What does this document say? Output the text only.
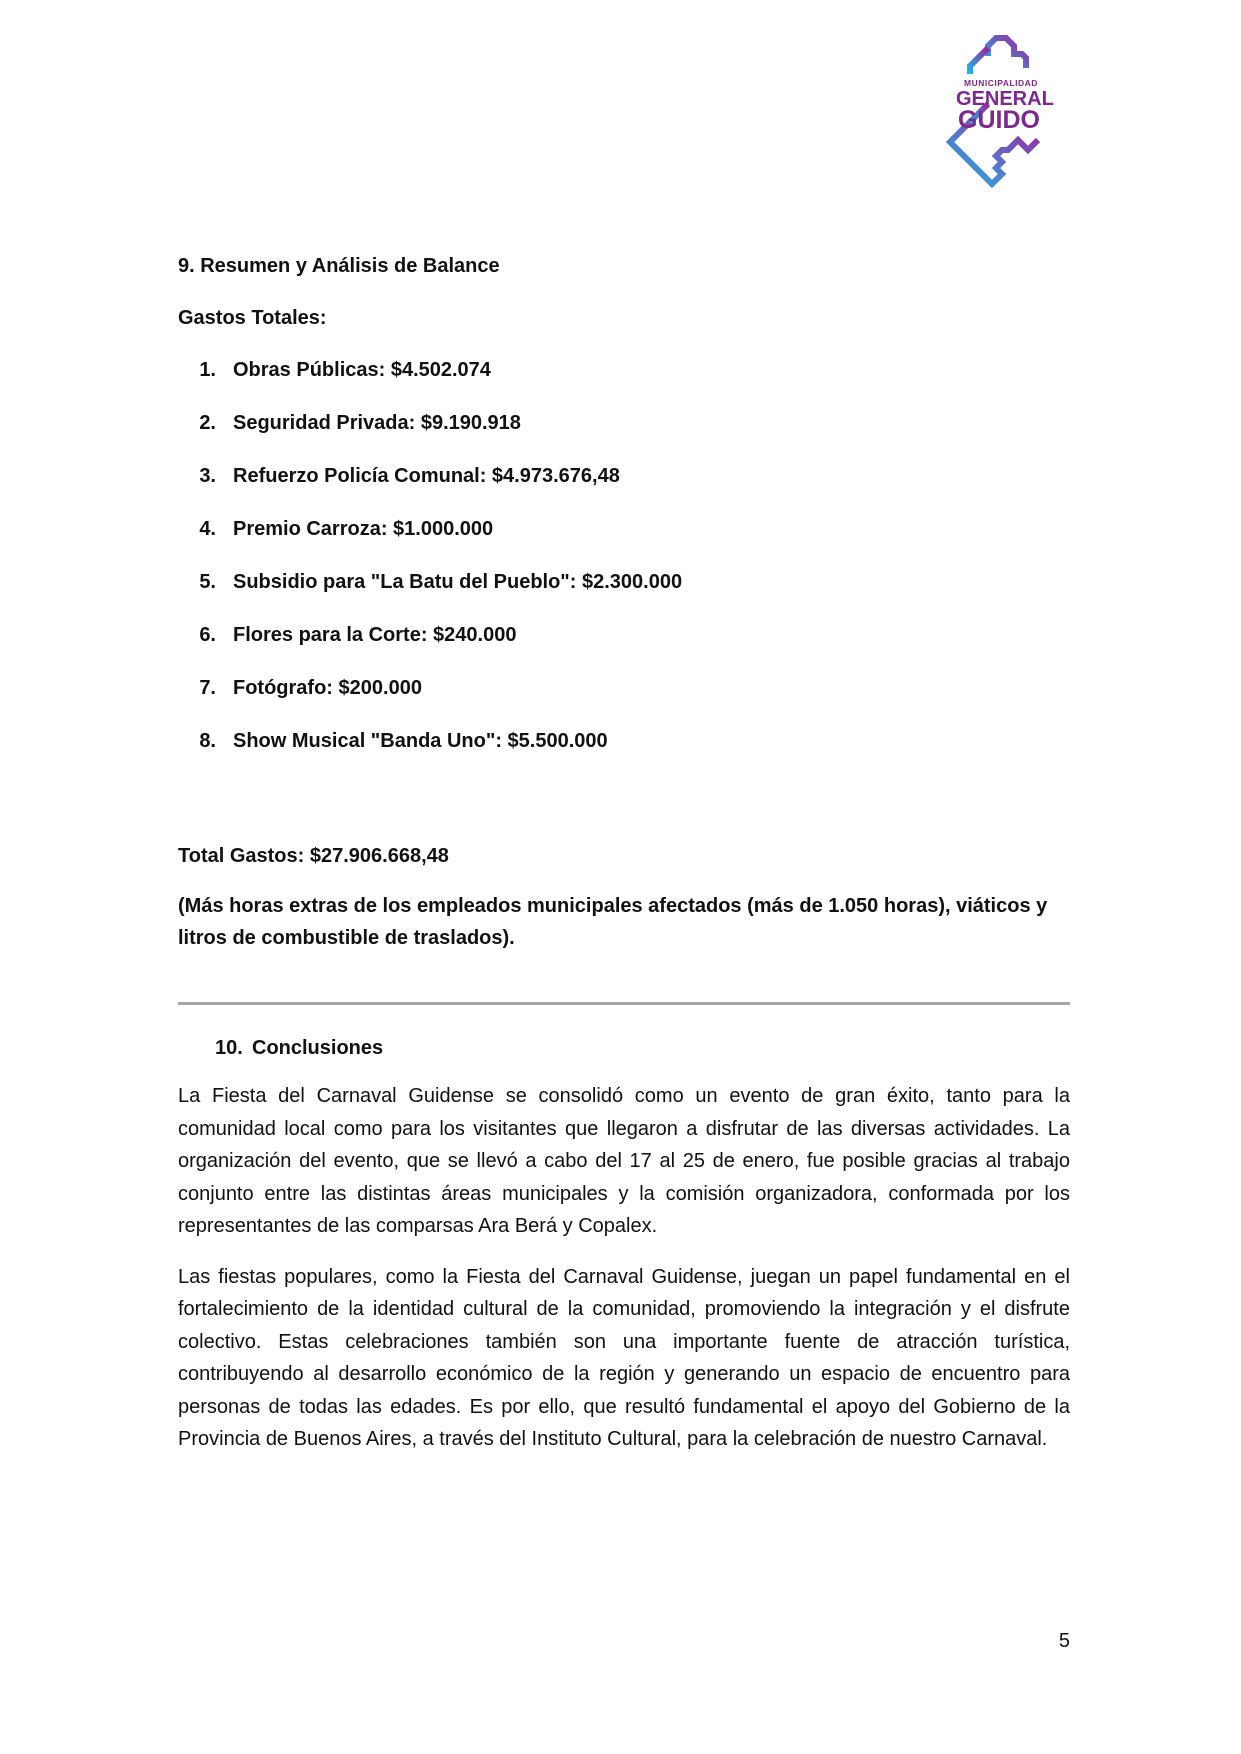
MUNICIPALIDAD
GENERAL
GUIDO

9. Resumen y Análisis de Balance

Gastos Totales:

1. Obras Públicas: $4.502.074
2. Seguridad Privada: $9.190.918
3. Refuerzo Policía Comunal: $4.973.676,48
4. Premio Carroza: $1.000.000
5. Subsidio para "La Batu del Pueblo": $2.300.000
6. Flores para la Corte: $240.000
7. Fotógrafo: $200.000
8. Show Musical "Banda Uno": $5.500.000

Total Gastos: $27.906.668,48

(Más horas extras de los empleados municipales afectados (más de 1.050 horas), viáticos y litros de combustible de traslados).

10. Conclusiones

La Fiesta del Carnaval Guidense se consolidó como un evento de gran éxito, tanto para la comunidad local como para los visitantes que llegaron a disfrutar de las diversas actividades. La organización del evento, que se llevó a cabo del 17 al 25 de enero, fue posible gracias al trabajo conjunto entre las distintas áreas municipales y la comisión organizadora, conformada por los representantes de las comparsas Ara Berá y Copalex.

Las fiestas populares, como la Fiesta del Carnaval Guidense, juegan un papel fundamental en el fortalecimiento de la identidad cultural de la comunidad, promoviendo la integración y el disfrute colectivo. Estas celebraciones también son una importante fuente de atracción turística, contribuyendo al desarrollo económico de la región y generando un espacio de encuentro para personas de todas las edades. Es por ello, que resultó fundamental el apoyo del Gobierno de la Provincia de Buenos Aires, a través del Instituto Cultural, para la celebración de nuestro Carnaval.

5
